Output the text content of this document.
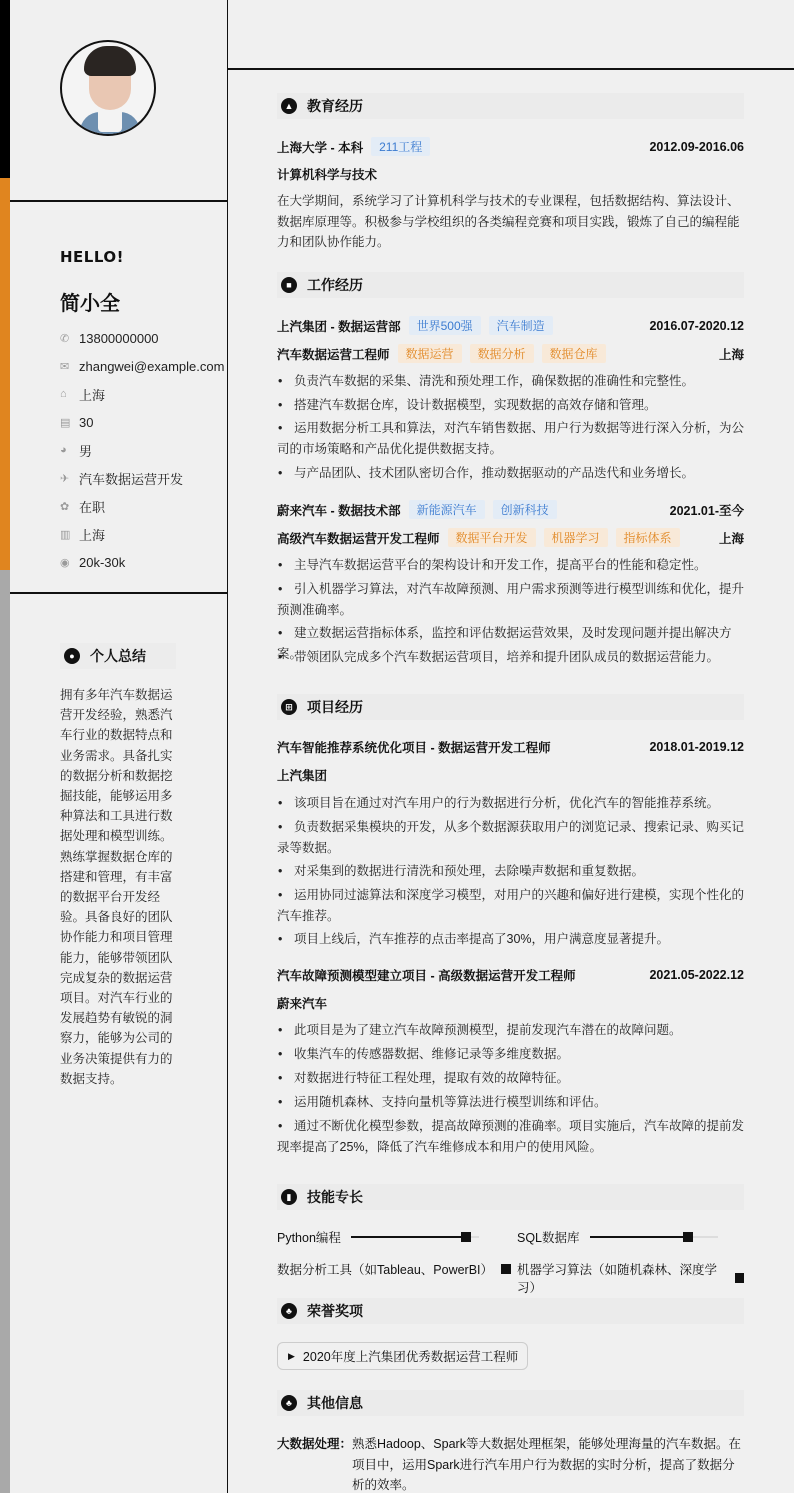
HELLO!
简小全
✆ 13800000000
✉ zhangwei@example.com
⌂ 上海
▤ 30
◕ 男
✈ 汽车数据运营开发
✿ 在职
▥ 上海
◉ 20k-30k
●	个人总结
拥有多年汽车数据运营开发经验，熟悉汽车行业的数据特点和业务需求。具备扎实的数据分析和数据挖掘技能，能够运用多种算法和工具进行数据处理和模型训练。熟练掌握数据仓库的搭建和管理，有丰富的数据平台开发经验。具备良好的团队协作能力和项目管理能力，能够带领团队完成复杂的数据运营项目。对汽车行业的发展趋势有敏锐的洞察力，能够为公司的业务决策提供有力的数据支持。
▲ 教育经历
上海大学 - 本科	211工程	2012.09-2016.06
计算机科学与技术
在大学期间，系统学习了计算机科学与技术的专业课程，包括数据结构、算法设计、数据库原理等。积极参与学校组织的各类编程竞赛和项目实践，锻炼了自己的编程能力和团队协作能力。
■	工作经历
上汽集团 - 数据运营部	世界500强	汽车制造	2016.07-2020.12
汽车数据运营工程师	数据运营	数据分析	数据仓库	上海
• 负责汽车数据的采集、清洗和预处理工作，确保数据的准确性和完整性。
• 搭建汽车数据仓库，设计数据模型，实现数据的高效存储和管理。
• 运用数据分析工具和算法，对汽车销售数据、用户行为数据等进行深入分析，为公司的市场策略和产品优化提供数据支持。
• 与产品团队、技术团队密切合作，推动数据驱动的产品迭代和业务增长。
蔚来汽车 - 数据技术部	新能源汽车	创新科技	2021.01-至今
高级汽车数据运营开发工程师	数据平台开发	机器学习	指标体系	上海
• 主导汽车数据运营平台的架构设计和开发工作，提高平台的性能和稳定性。
• 引入机器学习算法，对汽车故障预测、用户需求预测等进行模型训练和优化，提升预测准确率。
• 建立数据运营指标体系，监控和评估数据运营效果，及时发现问题并提出解决方案。
• 带领团队完成多个汽车数据运营项目，培养和提升团队成员的数据运营能力。
⊞	项目经历
汽车智能推荐系统优化项目 - 数据运营开发工程师	2018.01-2019.12
上汽集团
• 该项目旨在通过对汽车用户的行为数据进行分析，优化汽车的智能推荐系统。
• 负责数据采集模块的开发，从多个数据源获取用户的浏览记录、搜索记录、购买记录等数据。
• 对采集到的数据进行清洗和预处理，去除噪声数据和重复数据。
• 运用协同过滤算法和深度学习模型，对用户的兴趣和偏好进行建模，实现个性化的汽车推荐。
• 项目上线后，汽车推荐的点击率提高了30%，用户满意度显著提升。
汽车故障预测模型建立项目 - 高级数据运营开发工程师	2021.05-2022.12
蔚来汽车
• 此项目是为了建立汽车故障预测模型，提前发现汽车潜在的故障问题。
• 收集汽车的传感器数据、维修记录等多维度数据。
• 对数据进行特征工程处理，提取有效的故障特征。
• 运用随机森林、支持向量机等算法进行模型训练和评估。
• 通过不断优化模型参数，提高故障预测的准确率。项目实施后，汽车故障的提前发现率提高了25%，降低了汽车维修成本和用户的使用风险。
▮	技能专长
Python编程	SQL数据库
数据分析工具（如Tableau、PowerBI） 机器学习算法（如随机森林、深度学习）
♣	荣誉奖项
▶ 2020年度上汽集团优秀数据运营工程师
♣	其他信息
大数据处理： 熟悉Hadoop、Spark等大数据处理框架，能够处理海量的汽车数据。在项目中，运用Spark进行汽车用户行为数据的实时分析，提高了数据分析的效率。
